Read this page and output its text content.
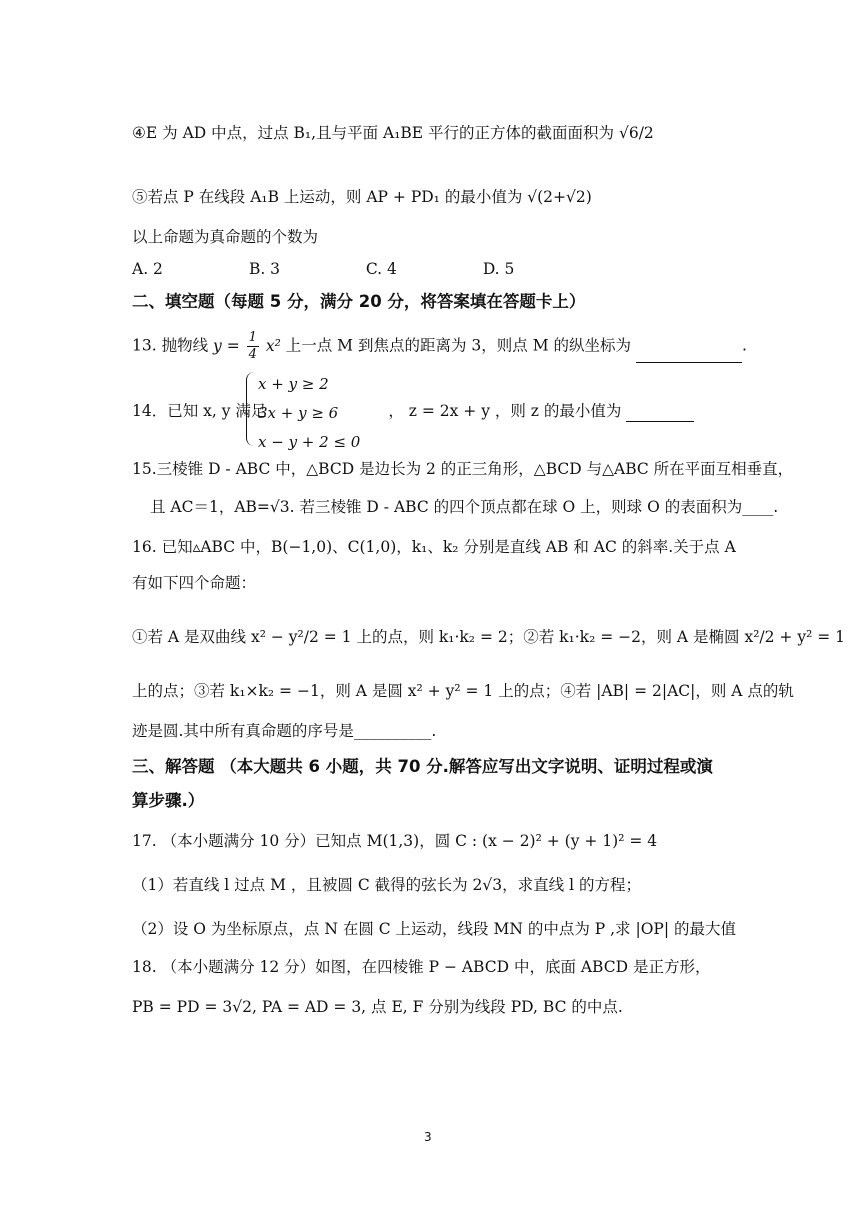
④E 为 AD 中点，过点 B₁,且与平面 A₁BE 平行的正方体的截面面积为 √6/2
⑤若点 P 在线段 A₁B 上运动，则 AP + PD₁ 的最小值为 √(2+√2)
以上命题为真命题的个数为
A. 2	B. 3	C. 4	D. 5
二、填空题（每题 5 分，满分 20 分，将答案填在答题卡上）
13. 抛物线 $y = \frac{1}{4} x^2$ 上一点 M 到焦点的距离为 3，则点 M 的纵坐标为	.
14．已知 x, y 满足	， z = 2x + y ，则 z 的最小值为
x + y ≥ 2
3x + y ≥ 6
x − y + 2 ≤ 0
15.三棱锥 D - ABC 中，△BCD 是边长为 2 的正三角形，△BCD 与△ABC 所在平面互相垂直，
且 AC＝1，AB=√3. 若三棱锥 D - ABC 的四个顶点都在球 O 上，则球 O 的表面积为____.
16. 已知▵ABC 中，B(−1,0)、C(1,0)，k₁、k₂ 分别是直线 AB 和 AC 的斜率.关于点 A
有如下四个命题：
①若 A 是双曲线 x² − y²/2 = 1 上的点，则 k₁·k₂ = 2；②若 k₁·k₂ = −2，则 A 是椭圆 x²/2 + y² = 1
上的点；③若 k₁×k₂ = −1，则 A 是圆 x² + y² = 1 上的点；④若 |AB| = 2|AC|，则 A 点的轨
迹是圆.其中所有真命题的序号是__________.
三、解答题 （本大题共 6 小题，共 70 分.解答应写出文字说明、证明过程或演
算步骤.）
17. （本小题满分 10 分）已知点 M(1,3)，圆 C : (x − 2)² + (y + 1)² = 4
（1）若直线 l 过点 M ，且被圆 C 截得的弦长为 2√3，求直线 l 的方程；
（2）设 O 为坐标原点，点 N 在圆 C 上运动，线段 MN 的中点为 P ,求 |OP| 的最大值
18. （本小题满分 12 分）如图，在四棱锥 P − ABCD 中，底面 ABCD 是正方形，
PB = PD = 3√2, PA = AD = 3, 点 E, F 分别为线段 PD, BC 的中点.
3
